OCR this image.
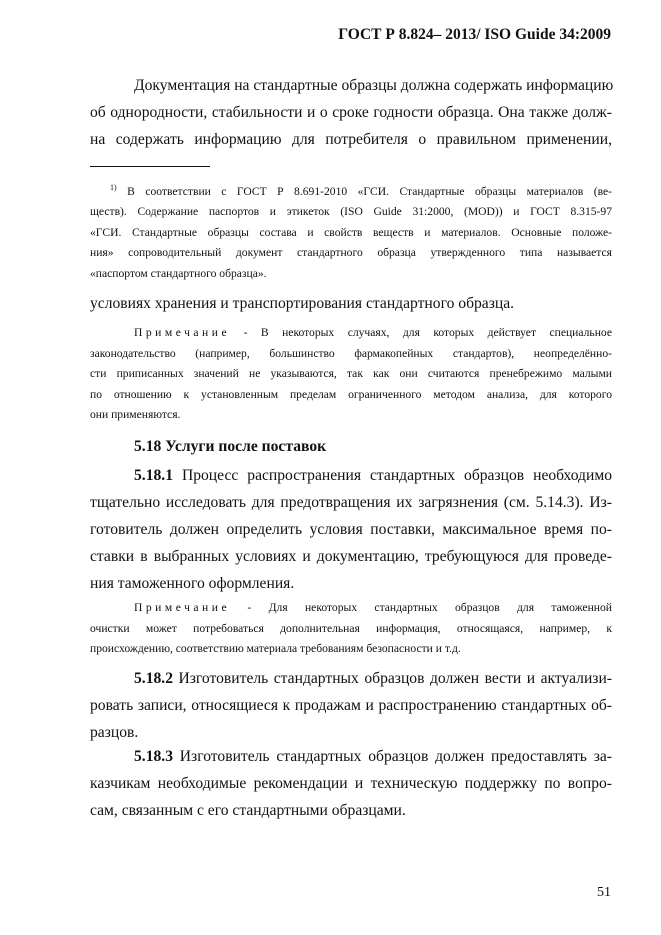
ГОСТ Р 8.824– 2013/ ISO Guide 34:2009
Документация на стандартные образцы должна содержать информацию
об однородности, стабильности и о сроке годности образца. Она также долж-
на содержать информацию для потребителя о правильном применении,
$^{1)}$ В соответствии с ГОСТ Р 8.691-2010 «ГСИ. Стандартные образцы материалов (ве-
ществ). Содержание паспортов и этикеток (ISO Guide 31:2000, (MOD)) и ГОСТ 8.315-97
«ГСИ. Стандартные образцы состава и свойств веществ и материалов. Основные положе-
ния» сопроводительный документ стандартного образца утвержденного типа называется
«паспортом стандартного образца».
условиях хранения и транспортирования стандартного образца.
Примечание - В некоторых случаях, для которых действует специальное
законодательство (например, большинство фармакопейных стандартов), неопределённо-
сти приписанных значений не указываются, так как они считаются пренебрежимо малыми
по отношению к установленным пределам ограниченного методом анализа, для которого
они применяются.
5.18 Услуги после поставок
5.18.1 Процесс распространения стандартных образцов необходимо
тщательно исследовать для предотвращения их загрязнения (см. 5.14.3). Из-
готовитель должен определить условия поставки, максимальное время по-
ставки в выбранных условиях и документацию, требующуюся для проведе-
ния таможенного оформления.
Примечание - Для некоторых стандартных образцов для таможенной
очистки может потребоваться дополнительная информация, относящаяся, например, к
происхождению, соответствию материала требованиям безопасности и т.д.
5.18.2 Изготовитель стандартных образцов должен вести и актуализи-
ровать записи, относящиеся к продажам и распространению стандартных об-
разцов.
5.18.3 Изготовитель стандартных образцов должен предоставлять за-
казчикам необходимые рекомендации и техническую поддержку по вопро-
сам, связанным с его стандартными образцами.
51
